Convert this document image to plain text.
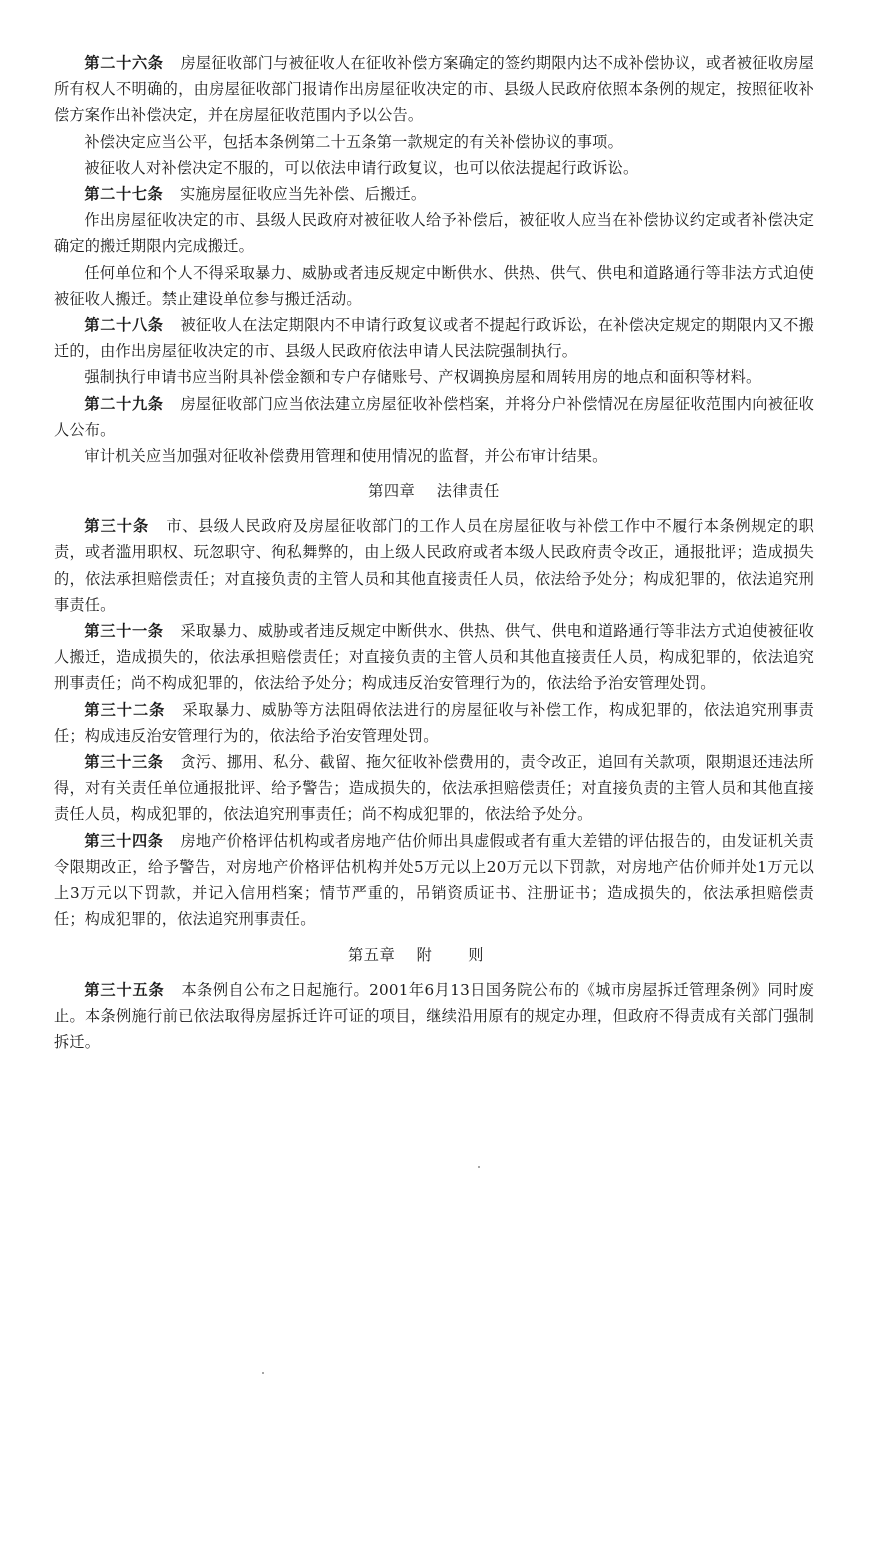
第二十六条 房屋征收部门与被征收人在征收补偿方案确定的签约期限内达不成补偿协议，或者被征收房屋所有权人不明确的，由房屋征收部门报请作出房屋征收决定的市、县级人民政府依照本条例的规定，按照征收补偿方案作出补偿决定，并在房屋征收范围内予以公告。

补偿决定应当公平，包括本条例第二十五条第一款规定的有关补偿协议的事项。

被征收人对补偿决定不服的，可以依法申请行政复议，也可以依法提起行政诉讼。

第二十七条 实施房屋征收应当先补偿、后搬迁。

作出房屋征收决定的市、县级人民政府对被征收人给予补偿后，被征收人应当在补偿协议约定或者补偿决定确定的搬迁期限内完成搬迁。

任何单位和个人不得采取暴力、威胁或者违反规定中断供水、供热、供气、供电和道路通行等非法方式迫使被征收人搬迁。禁止建设单位参与搬迁活动。

第二十八条 被征收人在法定期限内不申请行政复议或者不提起行政诉讼，在补偿决定规定的期限内又不搬迁的，由作出房屋征收决定的市、县级人民政府依法申请人民法院强制执行。

强制执行申请书应当附具补偿金额和专户存储账号、产权调换房屋和周转用房的地点和面积等材料。

第二十九条 房屋征收部门应当依法建立房屋征收补偿档案，并将分户补偿情况在房屋征收范围内向被征收人公布。

审计机关应当加强对征收补偿费用管理和使用情况的监督，并公布审计结果。

第四章 法律责任

第三十条 市、县级人民政府及房屋征收部门的工作人员在房屋征收与补偿工作中不履行本条例规定的职责，或者滥用职权、玩忽职守、徇私舞弊的，由上级人民政府或者本级人民政府责令改正，通报批评；造成损失的，依法承担赔偿责任；对直接负责的主管人员和其他直接责任人员，依法给予处分；构成犯罪的，依法追究刑事责任。

第三十一条 采取暴力、威胁或者违反规定中断供水、供热、供气、供电和道路通行等非法方式迫使被征收人搬迁，造成损失的，依法承担赔偿责任；对直接负责的主管人员和其他直接责任人员，构成犯罪的，依法追究刑事责任；尚不构成犯罪的，依法给予处分；构成违反治安管理行为的，依法给予治安管理处罚。

第三十二条 采取暴力、威胁等方法阻碍依法进行的房屋征收与补偿工作，构成犯罪的，依法追究刑事责任；构成违反治安管理行为的，依法给予治安管理处罚。

第三十三条 贪污、挪用、私分、截留、拖欠征收补偿费用的，责令改正，追回有关款项，限期退还违法所得，对有关责任单位通报批评、给予警告；造成损失的，依法承担赔偿责任；对直接负责的主管人员和其他直接责任人员，构成犯罪的，依法追究刑事责任；尚不构成犯罪的，依法给予处分。

第三十四条 房地产价格评估机构或者房地产估价师出具虚假或者有重大差错的评估报告的，由发证机关责令限期改正，给予警告，对房地产价格评估机构并处5万元以上20万元以下罚款，对房地产估价师并处1万元以上3万元以下罚款，并记入信用档案；情节严重的，吊销资质证书、注册证书；造成损失的，依法承担赔偿责任；构成犯罪的，依法追究刑事责任。

第五章 附则

第三十五条 本条例自公布之日起施行。2001年6月13日国务院公布的《城市房屋拆迁管理条例》同时废止。本条例施行前已依法取得房屋拆迁许可证的项目，继续沿用原有的规定办理，但政府不得责成有关部门强制拆迁。
